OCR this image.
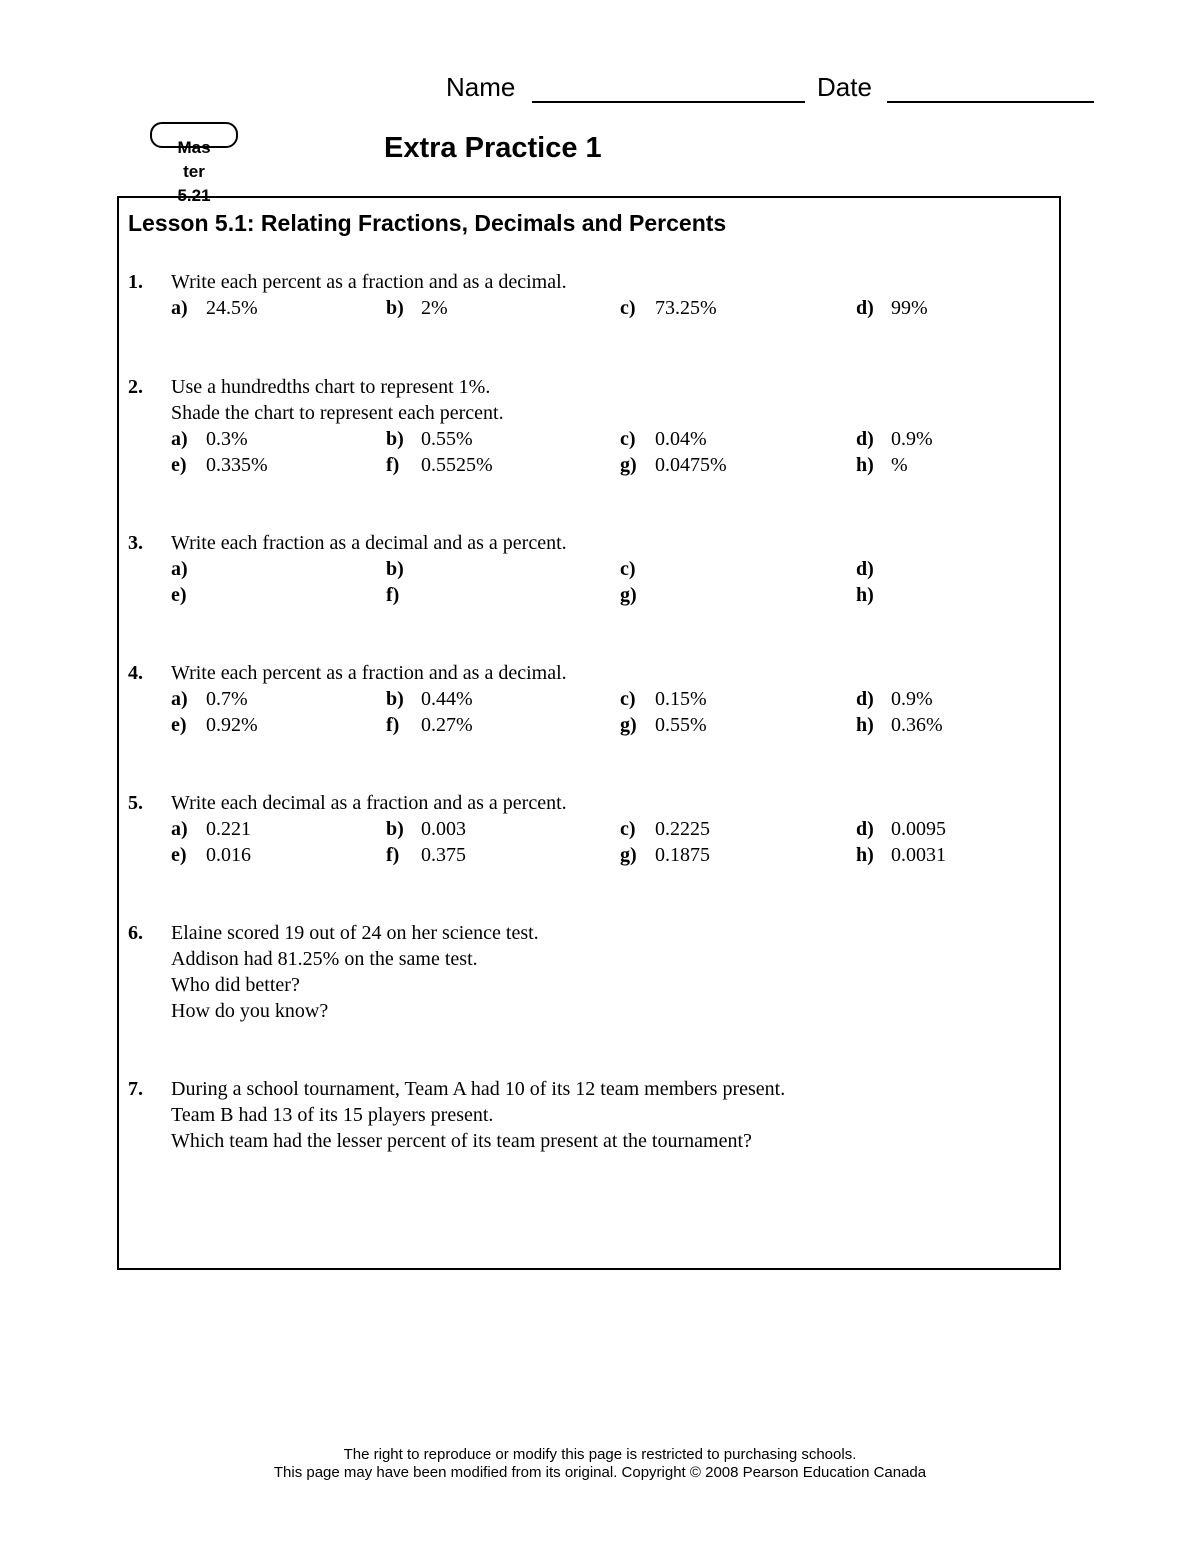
Name	Date
Mas
ter
5.21
Extra Practice 1
Lesson 5.1: Relating Fractions, Decimals and Percents
1. Write each percent as a fraction and as a decimal.
a) 24.5%	b) 2%	c) 73.25%	d) 99%
2. Use a hundredths chart to represent 1%.
Shade the chart to represent each percent.
a) 0.3%	b) 0.55%	c) 0.04%	d) 0.9%
e) 0.335%	f) 0.5525%	g) 0.0475%	h) %
3. Write each fraction as a decimal and as a percent.
a)	b)	c)	d)
e)	f)	g)	h)
4. Write each percent as a fraction and as a decimal.
a) 0.7%	b) 0.44%	c) 0.15%	d) 0.9%
e) 0.92%	f) 0.27%	g) 0.55%	h) 0.36%
5. Write each decimal as a fraction and as a percent.
a) 0.221	b) 0.003	c) 0.2225	d) 0.0095
e) 0.016	f) 0.375	g) 0.1875	h) 0.0031
6. Elaine scored 19 out of 24 on her science test.
Addison had 81.25% on the same test.
Who did better?
How do you know?
7. During a school tournament, Team A had 10 of its 12 team members present.
Team B had 13 of its 15 players present.
Which team had the lesser percent of its team present at the tournament?
The right to reproduce or modify this page is restricted to purchasing schools.
This page may have been modified from its original. Copyright © 2008 Pearson Education Canada
